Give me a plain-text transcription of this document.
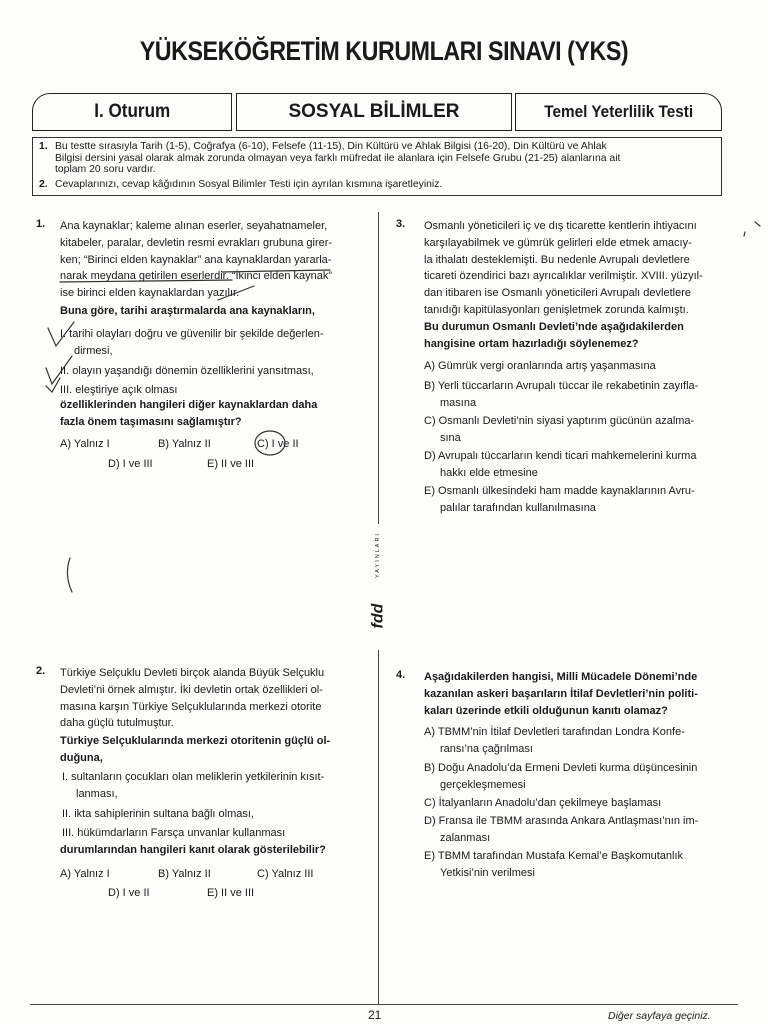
YÜKSEKÖĞRETİM KURUMLARI SINAVI (YKS)
I. Oturum	SOSYAL BİLİMLER	Temel Yeterlilik Testi
1. Bu testte sırasıyla Tarih (1-5), Coğrafya (6-10), Felsefe (11-15), Din Kültürü ve Ahlak Bilgisi (16-20), Din Kültürü ve Ahlak
Bilgisi dersini yasal olarak almak zorunda olmayan veya farklı müfredat ile alanlara için Felsefe Grubu (21-25) alanlarına ait
toplam 20 soru vardır.
2. Cevaplarınızı, cevap kâğıdının Sosyal Bilimler Testi için ayrılan kısmına işaretleyiniz.
YAYINLARI
fdd
1. Ana kaynaklar; kaleme alınan eserler, seyahatnameler,
kitabeler, paralar, devletin resmi evrakları grubuna girer-
ken; “Birinci elden kaynaklar” ana kaynaklardan yararla-
narak meydana getirilen eserlerdir. “İkinci elden kaynak”
ise birinci elden kaynaklardan yazılır.
Buna göre, tarihi araştırmalarda ana kaynakların,
I. tarihi olayları doğru ve güvenilir bir şekilde değerlen-
dirmesi,
II. olayın yaşandığı dönemin özelliklerini yansıtması,
III. eleştiriye açık olması
özelliklerinden hangileri diğer kaynaklardan daha
fazla önem taşımasını sağlamıştır?
A) Yalnız I	B) Yalnız II	C) I ve II
D) I ve III	E) II ve III
2. Türkiye Selçuklu Devleti birçok alanda Büyük Selçuklu
Devleti’ni örnek almıştır. İki devletin ortak özellikleri ol-
masına karşın Türkiye Selçuklularında merkezi otorite
daha güçlü tutulmuştur.
Türkiye Selçuklularında merkezi otoritenin güçlü ol-
duğuna,
I. sultanların çocukları olan meliklerin yetkilerinin kısıt-
lanması,
II. ikta sahiplerinin sultana bağlı olması,
III. hükümdarların Farsça unvanlar kullanması
durumlarından hangileri kanıt olarak gösterilebilir?
A) Yalnız I	B) Yalnız II	C) Yalnız III
D) I ve II	E) II ve III
3. Osmanlı yöneticileri iç ve dış ticarette kentlerin ihtiyacını
karşılayabilmek ve gümrük gelirleri elde etmek amacıy-
la ithalatı desteklemişti. Bu nedenle Avrupalı devletlere
ticareti özendirici bazı ayrıcalıklar verilmiştir. XVIII. yüzyıl-
dan itibaren ise Osmanlı yöneticileri Avrupalı devletlere
tanıdığı kapitülasyonları genişletmek zorunda kalmıştı.
Bu durumun Osmanlı Devleti’nde aşağıdakilerden
hangisine ortam hazırladığı söylenemez?
A) Gümrük vergi oranlarında artış yaşanmasına
B) Yerli tüccarların Avrupalı tüccar ile rekabetinin zayıfla-
masına
C) Osmanlı Devleti’nin siyasi yaptırım gücünün azalma-
sına
D) Avrupalı tüccarların kendi ticari mahkemelerini kurma
hakkı elde etmesine
E) Osmanlı ülkesindeki ham madde kaynaklarının Avru-
palılar tarafından kullanılmasına
4. Aşağıdakilerden hangisi, Milli Mücadele Dönemi’nde
kazanılan askeri başarıların İtilaf Devletleri’nin politi-
kaları üzerinde etkili olduğunun kanıtı olamaz?
A) TBMM’nin İtilaf Devletleri tarafından Londra Konfe-
ransı’na çağrılması
B) Doğu Anadolu’da Ermeni Devleti kurma düşüncesinin
gerçekleşmemesi
C) İtalyanların Anadolu’dan çekilmeye başlaması
D) Fransa ile TBMM arasında Ankara Antlaşması’nın im-
zalanması
E) TBMM tarafından Mustafa Kemal’e Başkomutanlık
Yetkisi’nin verilmesi
21	Diğer sayfaya geçiniz.
